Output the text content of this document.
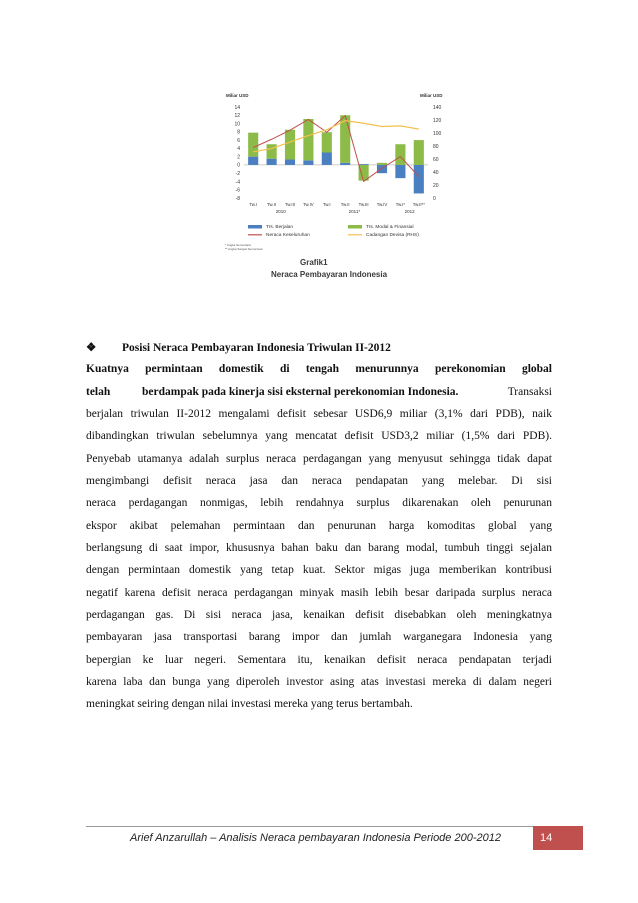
Miliar USD	Miliar USD
14
12
10
8
6
4
2
0
-2
-4
-6
-8
140
120
100
80
60
40
20
0
Tw.I Tw.II Tw.III Tw.IV Tw.I Tw.II Tw.III Tw.IV Tw.I* Tw.II**
2010	2011*	2012
Trs. Berjalan	Trs. Modal & Finansial
Neraca Keseluruhan	Cadangan Devisa (RHS)
* Angka Sementara
** Angka Sangat Sementara
Grafik1
Neraca Pembayaran Indonesia
❖ Posisi Neraca Pembayaran Indonesia Triwulan II-2012
Kuatnya permintaan domestik di tengah menurunnya perekonomian global
telah	berdampak pada kinerja sisi eksternal perekonomian Indonesia.	Transaksi
berjalan triwulan II-2012 mengalami defisit sebesar USD6,9 miliar (3,1% dari PDB), naik
dibandingkan triwulan sebelumnya yang mencatat defisit USD3,2 miliar (1,5% dari PDB).
Penyebab utamanya adalah surplus neraca perdagangan yang menyusut sehingga tidak dapat
mengimbangi defisit neraca jasa dan neraca pendapatan yang melebar. Di sisi
neraca perdagangan nonmigas, lebih rendahnya surplus dikarenakan oleh penurunan
ekspor akibat pelemahan permintaan dan penurunan harga komoditas global yang
berlangsung di saat impor, khususnya bahan baku dan barang modal, tumbuh tinggi sejalan
dengan permintaan domestik yang tetap kuat. Sektor migas juga memberikan kontribusi
negatif karena defisit neraca perdagangan minyak masih lebih besar daripada surplus neraca
perdagangan gas. Di sisi neraca jasa, kenaikan defisit disebabkan oleh meningkatnya
pembayaran jasa transportasi barang impor dan jumlah warganegara Indonesia yang
bepergian ke luar negeri. Sementara itu, kenaikan defisit neraca pendapatan terjadi
karena laba dan bunga yang diperoleh investor asing atas investasi mereka di dalam negeri
meningkat seiring dengan nilai investasi mereka yang terus bertambah.
Arief Anzarullah – Analisis Neraca pembayaran Indonesia Periode 200-2012	14
